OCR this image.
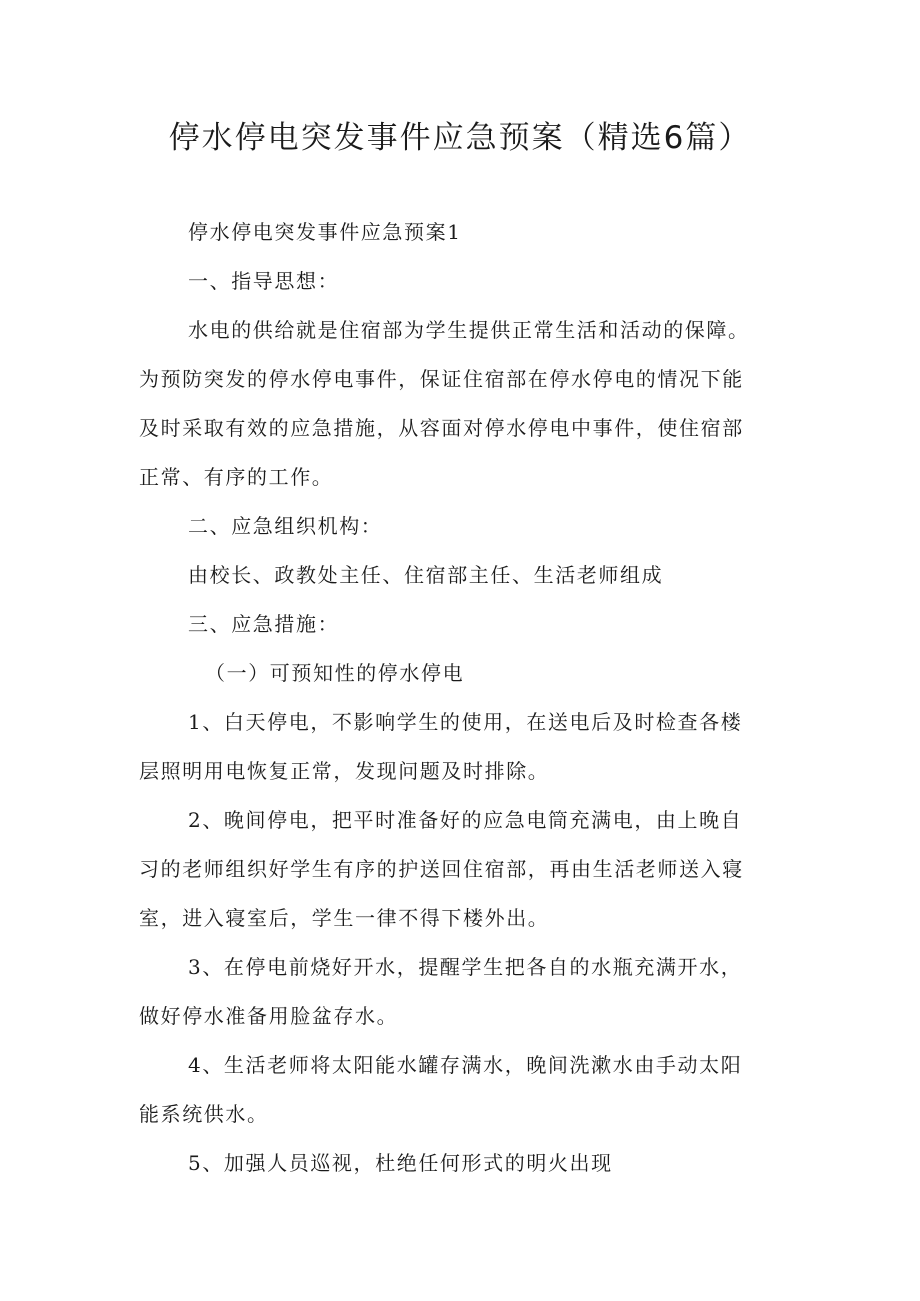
停水停电突发事件应急预案（精选6篇）
停水停电突发事件应急预案1
一、指导思想：
水电的供给就是住宿部为学生提供正常生活和活动的保障。
为预防突发的停水停电事件，保证住宿部在停水停电的情况下能
及时采取有效的应急措施，从容面对停水停电中事件，使住宿部
正常、有序的工作。
二、应急组织机构：
由校长、政教处主任、住宿部主任、生活老师组成
三、应急措施：
（一）可预知性的停水停电
1、白天停电，不影响学生的使用，在送电后及时检查各楼
层照明用电恢复正常，发现问题及时排除。
2、晚间停电，把平时准备好的应急电筒充满电，由上晚自
习的老师组织好学生有序的护送回住宿部，再由生活老师送入寝
室，进入寝室后，学生一律不得下楼外出。
3、在停电前烧好开水，提醒学生把各自的水瓶充满开水，
做好停水准备用脸盆存水。
4、生活老师将太阳能水罐存满水，晚间洗漱水由手动太阳
能系统供水。
5、加强人员巡视，杜绝任何形式的明火出现
